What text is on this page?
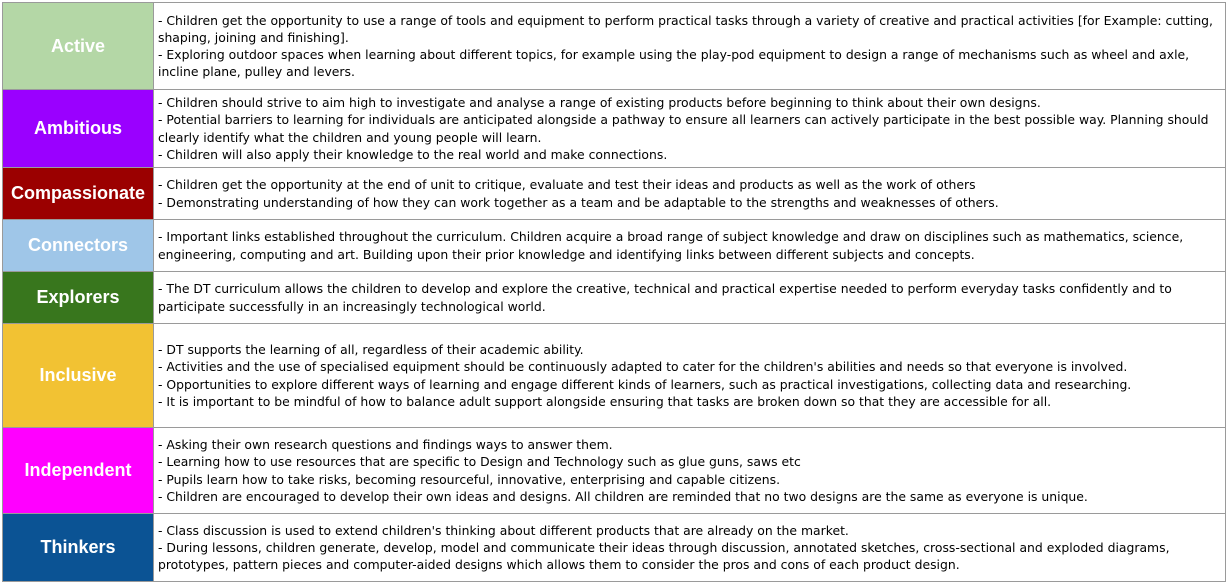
Active	- Children get the opportunity to use a range of tools and equipment to perform practical tasks through a variety of creative and practical activities [for Example: cutting, shaping, joining and finishing].
- Exploring outdoor spaces when learning about different topics, for example using the play-pod equipment to design a range of mechanisms such as wheel and axle, incline plane, pulley and levers.

Ambitious	- Children should strive to aim high to investigate and analyse a range of existing products before beginning to think about their own designs.
- Potential barriers to learning for individuals are anticipated alongside a pathway to ensure all learners can actively participate in the best possible way. Planning should clearly identify what the children and young people will learn.
- Children will also apply their knowledge to the real world and make connections.

Compassionate	- Children get the opportunity at the end of unit to critique, evaluate and test their ideas and products as well as the work of others
- Demonstrating understanding of how they can work together as a team and be adaptable to the strengths and weaknesses of others.

Connectors	- Important links established throughout the curriculum. Children acquire a broad range of subject knowledge and draw on disciplines such as mathematics, science, engineering, computing and art. Building upon their prior knowledge and identifying links between different subjects and concepts.

Explorers	- The DT curriculum allows the children to develop and explore the creative, technical and practical expertise needed to perform everyday tasks confidently and to participate successfully in an increasingly technological world.

Inclusive	- DT supports the learning of all, regardless of their academic ability.
- Activities and the use of specialised equipment should be continuously adapted to cater for the children's abilities and needs so that everyone is involved.
- Opportunities to explore different ways of learning and engage different kinds of learners, such as practical investigations, collecting data and researching.
- It is important to be mindful of how to balance adult support alongside ensuring that tasks are broken down so that they are accessible for all.

Independent	- Asking their own research questions and findings ways to answer them.
- Learning how to use resources that are specific to Design and Technology such as glue guns, saws etc
- Pupils learn how to take risks, becoming resourceful, innovative, enterprising and capable citizens.
- Children are encouraged to develop their own ideas and designs. All children are reminded that no two designs are the same as everyone is unique.

Thinkers	- Class discussion is used to extend children's thinking about different products that are already on the market.
- During lessons, children generate, develop, model and communicate their ideas through discussion, annotated sketches, cross-sectional and exploded diagrams, prototypes, pattern pieces and computer-aided designs which allows them to consider the pros and cons of each product design.
